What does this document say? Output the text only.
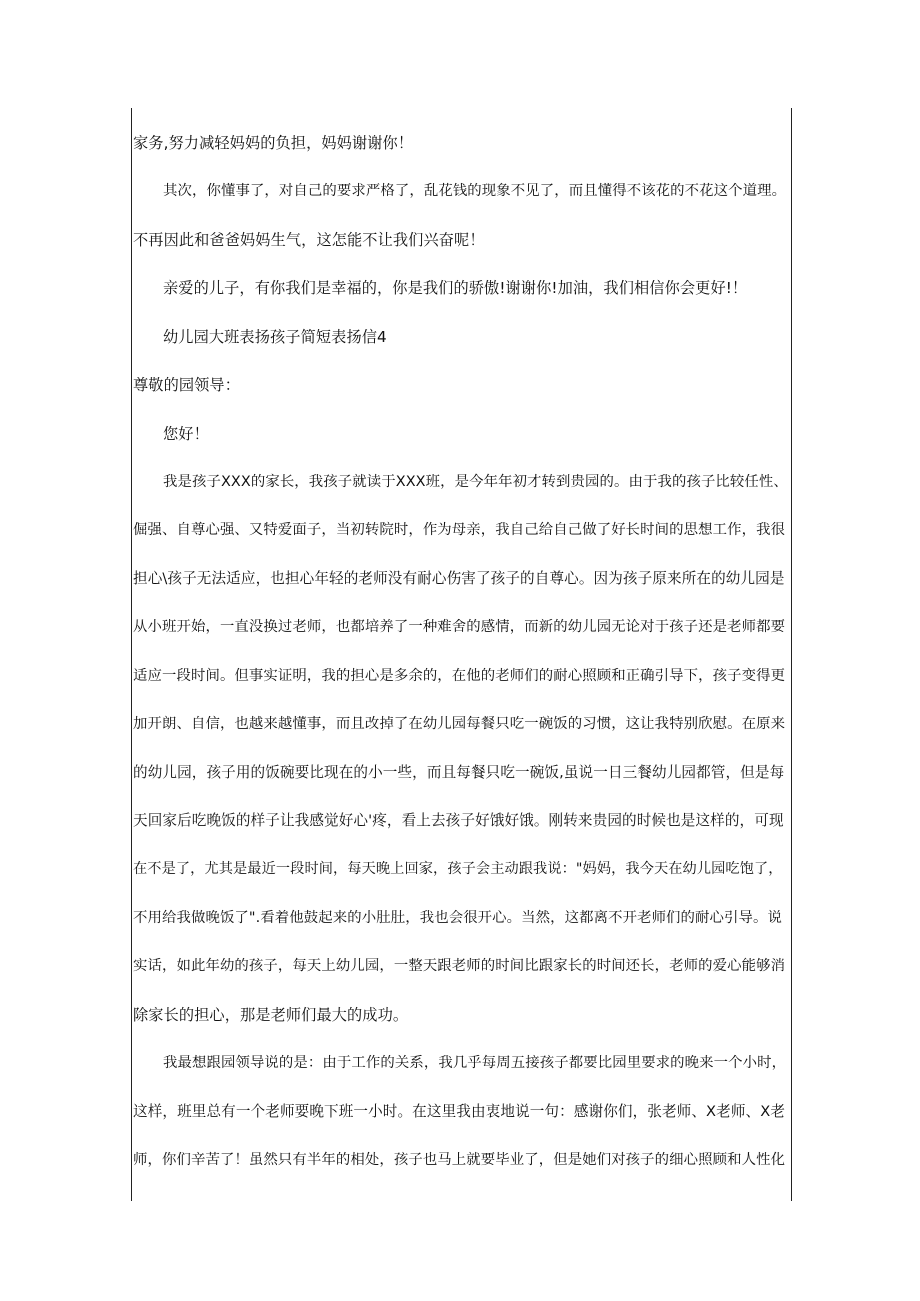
家务,努力减轻妈妈的负担，妈妈谢谢你！
其次，你懂事了，对自己的要求严格了，乱花钱的现象不见了，而且懂得不该花的不花这个道理。
不再因此和爸爸妈妈生气，这怎能不让我们兴奋呢！
亲爱的儿子，有你我们是幸福的，你是我们的骄傲!谢谢你!加油，我们相信你会更好!！
幼儿园大班表扬孩子简短表扬信4
尊敬的园领导：
您好！
我是孩子XXX的家长，我孩子就读于XXX班，是今年年初才转到贵园的。由于我的孩子比较任性、
倔强、自尊心强、又特爱面子，当初转院时，作为母亲，我自己给自己做了好长时间的思想工作，我很
担心\孩子无法适应，也担心年轻的老师没有耐心伤害了孩子的自尊心。因为孩子原来所在的幼儿园是
从小班开始，一直没换过老师，也都培养了一种难舍的感情，而新的幼儿园无论对于孩子还是老师都要
适应一段时间。但事实证明，我的担心是多余的，在他的老师们的耐心照顾和正确引导下，孩子变得更
加开朗、自信，也越来越懂事，而且改掉了在幼儿园每餐只吃一碗饭的习惯，这让我特别欣慰。在原来
的幼儿园，孩子用的饭碗要比现在的小一些，而且每餐只吃一碗饭,虽说一日三餐幼儿园都管，但是每
天回家后吃晚饭的样子让我感觉好心'疼，看上去孩子好饿好饿。刚转来贵园的时候也是这样的，可现
在不是了，尤其是最近一段时间，每天晚上回家，孩子会主动跟我说："妈妈，我今天在幼儿园吃饱了，
不用给我做晚饭了".看着他鼓起来的小肚肚，我也会很开心。当然，这都离不开老师们的耐心引导。说
实话，如此年幼的孩子，每天上幼儿园，一整天跟老师的时间比跟家长的时间还长，老师的爱心能够消
除家长的担心，那是老师们最大的成功。
我最想跟园领导说的是：由于工作的关系，我几乎每周五接孩子都要比园里要求的晚来一个小时，
这样，班里总有一个老师要晚下班一小时。在这里我由衷地说一句：感谢你们，张老师、X老师、X老
师，你们辛苦了！虽然只有半年的相处，孩子也马上就要毕业了，但是她们对孩子的细心照顾和人性化
